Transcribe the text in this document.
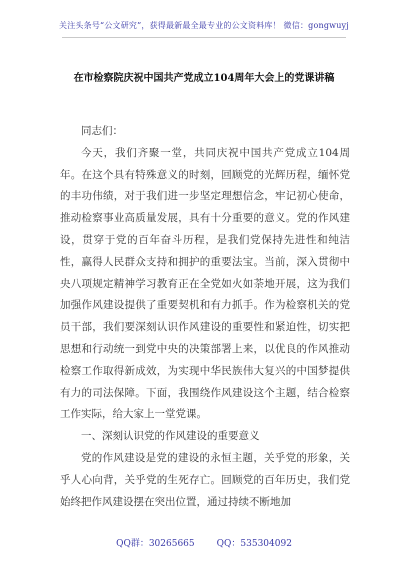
关注头条号“公文研究”，获得最新最全最专业的公文资料库！ 微信：gongwuyj
在市检察院庆祝中国共产党成立104周年大会上的党课讲稿

同志们：

今天，我们齐聚一堂，共同庆祝中国共产党成立104周年。在这个具有特殊意义的时刻，回顾党的光辉历程，缅怀党的丰功伟绩，对于我们进一步坚定理想信念，牢记初心使命，推动检察事业高质量发展，具有十分重要的意义。党的作风建设，贯穿于党的百年奋斗历程，是我们党保持先进性和纯洁性，赢得人民群众支持和拥护的重要法宝。当前，深入贯彻中央八项规定精神学习教育正在全党如火如荼地开展，这为我们加强作风建设提供了重要契机和有力抓手。作为检察机关的党员干部，我们要深刻认识作风建设的重要性和紧迫性，切实把思想和行动统一到党中央的决策部署上来，以优良的作风推动检察工作取得新成效，为实现中华民族伟大复兴的中国梦提供有力的司法保障。下面，我围绕作风建设这个主题，结合检察工作实际，给大家上一堂党课。

一、深刻认识党的作风建设的重要意义

党的作风建设是党的建设的永恒主题，关乎党的形象，关乎人心向背，关乎党的生死存亡。回顾党的百年历史，我们党始终把作风建设摆在突出位置，通过持续不断地加

QQ群：30265665 QQ：535304092
